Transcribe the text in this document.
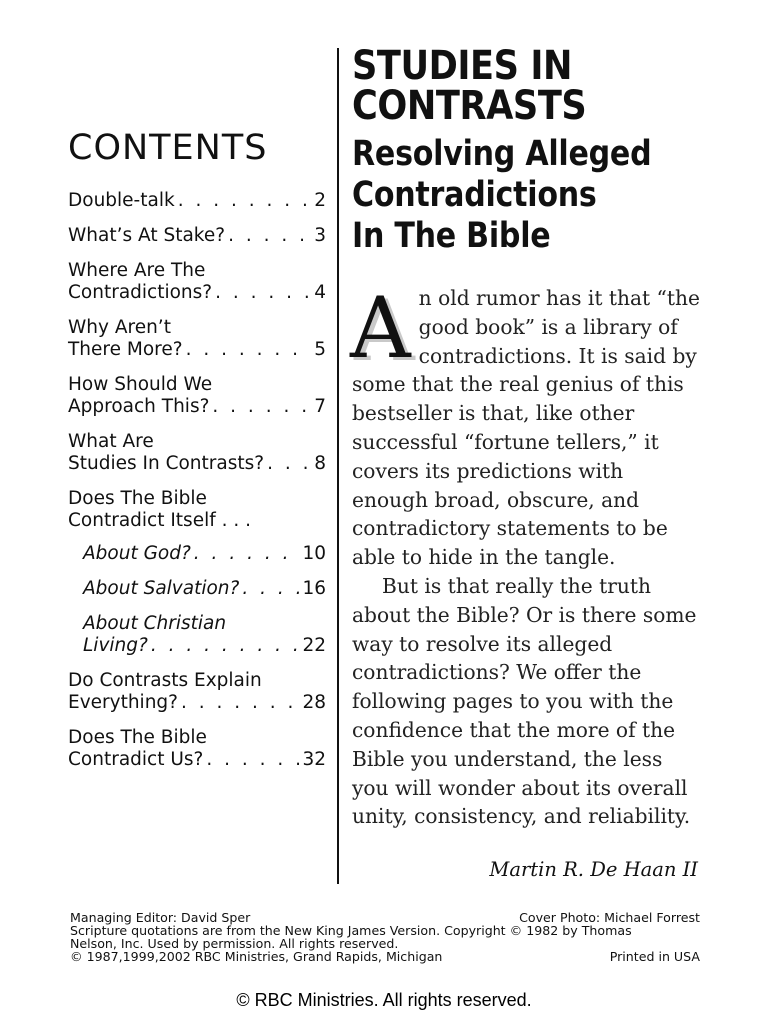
CONTENTS
Double-talk . . .	2
What’s At Stake? . . .	3
Where Are The
Contradictions? . . .	4
Why Aren’t
There More? . . .	5
How Should We
Approach This? . . .	7
What Are
Studies In Contrasts? . . .	8
Does The Bible
Contradict Itself . . .
About God? . . .	10
About Salvation? . . .	16
About Christian
Living? . . .	22
Do Contrasts Explain
Everything? . . .	28
Does The Bible
Contradict Us? . . .	32
STUDIES IN
CONTRASTS
Resolving Alleged
Contradictions
In The Bible

An old rumor has it that “the good book” is a library of contradictions. It is said by some that the real genius of this bestseller is that, like other successful “fortune tellers,” it covers its predictions with enough broad, obscure, and contradictory statements to be able to hide in the tangle.

But is that really the truth about the Bible? Or is there some way to resolve its alleged contradictions? We offer the following pages to you with the confidence that the more of the Bible you understand, the less you will wonder about its overall unity, consistency, and reliability.

Martin R. De Haan II
Managing Editor: David Sper	Cover Photo: Michael Forrest
Scripture quotations are from the New King James Version. Copyright © 1982 by Thomas
Nelson, Inc. Used by permission. All rights reserved.
© 1987,1999,2002 RBC Ministries, Grand Rapids, Michigan	Printed in USA
© RBC Ministries. All rights reserved.
